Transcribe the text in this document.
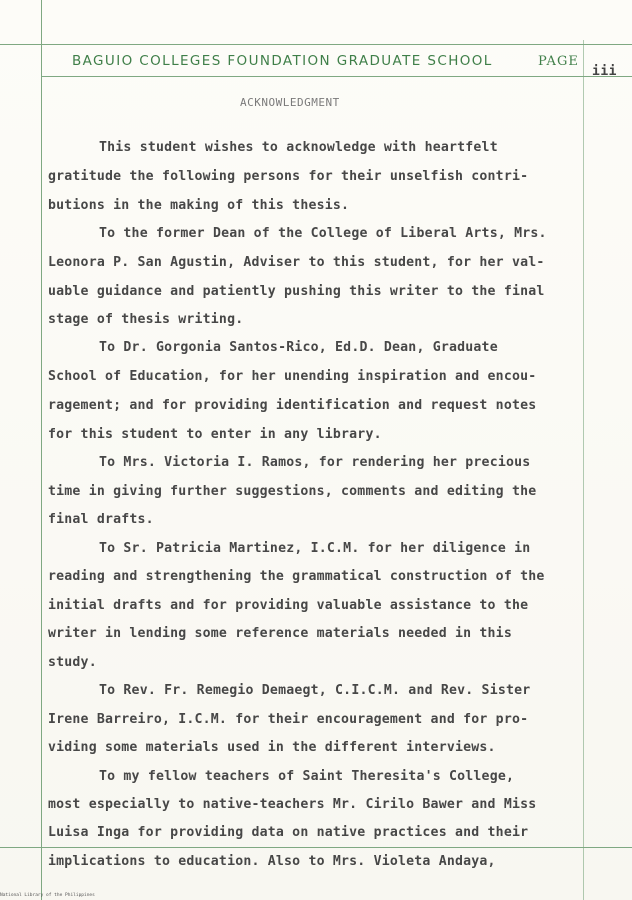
BAGUIO COLLEGES FOUNDATION GRADUATE SCHOOL	PAGE
iii
ACKNOWLEDGMENT
This student wishes to acknowledge with heartfelt
gratitude the following persons for their unselfish contri-
butions in the making of this thesis.
To the former Dean of the College of Liberal Arts, Mrs.
Leonora P. San Agustin, Adviser to this student, for her val-
uable guidance and patiently pushing this writer to the final
stage of thesis writing.
To Dr. Gorgonia Santos-Rico, Ed.D. Dean, Graduate
School of Education, for her unending inspiration and encou-
ragement; and for providing identification and request notes
for this student to enter in any library.
To Mrs. Victoria I. Ramos, for rendering her precious
time in giving further suggestions, comments and editing the
final drafts.
To Sr. Patricia Martinez, I.C.M. for her diligence in
reading and strengthening the grammatical construction of the
initial drafts and for providing valuable assistance to the
writer in lending some reference materials needed in this
study.
To Rev. Fr. Remegio Demaegt, C.I.C.M. and Rev. Sister
Irene Barreiro, I.C.M. for their encouragement and for pro-
viding some materials used in the different interviews.
To my fellow teachers of Saint Theresita's College,
most especially to native-teachers Mr. Cirilo Bawer and Miss
Luisa Inga for providing data on native practices and their
implications to education. Also to Mrs. Violeta Andaya,
National Library of the Philippines
